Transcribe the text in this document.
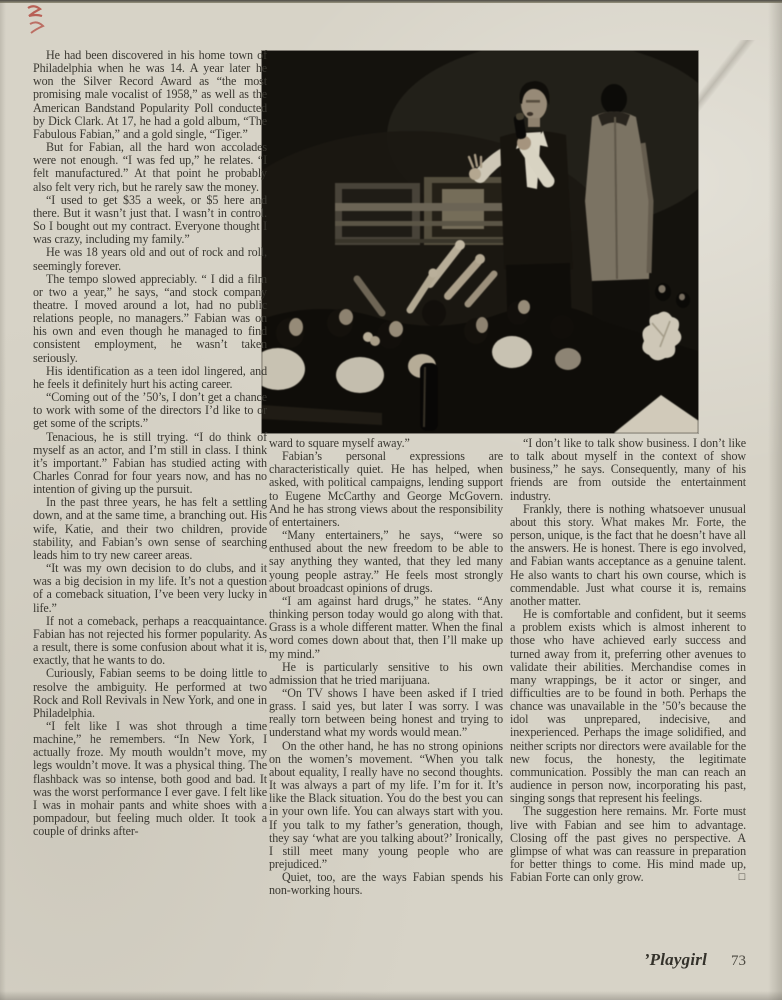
He had been discovered in his home town of Philadelphia when he was 14. A year later he won the Silver Record Award as “the most promising male vocalist of 1958,” as well as the American Bandstand Popularity Poll conducted by Dick Clark. At 17, he had a gold album, “The Fabulous Fabian,” and a gold single, “Tiger.”

But for Fabian, all the hard won accolades were not enough. “I was fed up,” he relates. “I felt manufactured.” At that point he probably also felt very rich, but he rarely saw the money.

“I used to get $35 a week, or $5 here and there. But it wasn’t just that. I wasn’t in control. So I bought out my contract. Everyone thought I was crazy, including my family.”

He was 18 years old and out of rock and roll, seemingly forever.

The tempo slowed appreciably. “ I did a film or two a year,” he says, “and stock company theatre. I moved around a lot, had no public relations people, no managers.” Fabian was on his own and even though he managed to find consistent employment, he wasn’t taken seriously.

His identification as a teen idol lingered, and he feels it definitely hurt his acting career.

“Coming out of the ’50’s, I don’t get a chance to work with some of the directors I’d like to or get some of the scripts.”

Tenacious, he is still trying. “I do think of myself as an actor, and I’m still in class. I think it’s important.” Fabian has studied acting with Charles Conrad for four years now, and has no intention of giving up the pursuit.

In the past three years, he has felt a settling down, and at the same time, a branching out. His wife, Katie, and their two children, provide stability, and Fabian’s own sense of searching leads him to try new career areas.

“It was my own decision to do clubs, and it was a big decision in my life. It’s not a question of a comeback situation, I’ve been very lucky in life.”

If not a comeback, perhaps a reacquaintance. Fabian has not rejected his former popularity. As a result, there is some confusion about what it is, exactly, that he wants to do.

Curiously, Fabian seems to be doing little to resolve the ambiguity. He performed at two Rock and Roll Revivals in New York, and one in Philadelphia.

“I felt like I was shot through a time machine,” he remembers. “In New York, I actually froze. My mouth wouldn’t move, my legs wouldn’t move. It was a physical thing. The flashback was so intense, both good and bad. It was the worst performance I ever gave. I felt like I was in mohair pants and white shoes with a pompadour, but feeling much older. It took a couple of drinks after-

ward to square myself away.”

Fabian’s personal expressions are characteristically quiet. He has helped, when asked, with political campaigns, lending support to Eugene McCarthy and George McGovern. And he has strong views about the responsibility of entertainers.

“Many entertainers,” he says, “were so enthused about the new freedom to be able to say anything they wanted, that they led many young people astray.” He feels most strongly about broadcast opinions of drugs.

“I am against hard drugs,” he states. “Any thinking person today would go along with that. Grass is a whole different matter. When the final word comes down about that, then I’ll make up my mind.”

He is particularly sensitive to his own admission that he tried marijuana.

“On TV shows I have been asked if I tried grass. I said yes, but later I was sorry. I was really torn between being honest and trying to understand what my words would mean.”

On the other hand, he has no strong opinions on the women’s movement. “When you talk about equality, I really have no second thoughts. It was always a part of my life. I’m for it. It’s like the Black situation. You do the best you can in your own life. You can always start with you. If you talk to my father’s generation, though, they say ‘what are you talking about?’ Ironically, I still meet many young people who are prejudiced.”

Quiet, too, are the ways Fabian spends his non-working hours.

“I don’t like to talk show business. I don’t like to talk about myself in the context of show business,” he says. Consequently, many of his friends are from outside the entertainment industry.

Frankly, there is nothing whatsoever unusual about this story. What makes Mr. Forte, the person, unique, is the fact that he doesn’t have all the answers. He is honest. There is ego involved, and Fabian wants acceptance as a genuine talent. He also wants to chart his own course, which is commendable. Just what course it is, remains another matter.

He is comfortable and confident, but it seems a problem exists which is almost inherent to those who have achieved early success and turned away from it, preferring other avenues to validate their abilities. Merchandise comes in many wrappings, be it actor or singer, and difficulties are to be found in both. Perhaps the chance was unavailable in the ’50’s because the idol was unprepared, indecisive, and inexperienced. Perhaps the image solidified, and neither scripts nor directors were available for the new focus, the honesty, the legitimate communication. Possibly the man can reach an audience in person now, incorporating his past, singing songs that represent his feelings.

The suggestion here remains. Mr. Forte must live with Fabian and see him to advantage. Closing off the past gives no perspective. A glimpse of what was can reassure in preparation for better things to come. His mind made up, Fabian Forte can only grow.	□

’Playgirl 73
